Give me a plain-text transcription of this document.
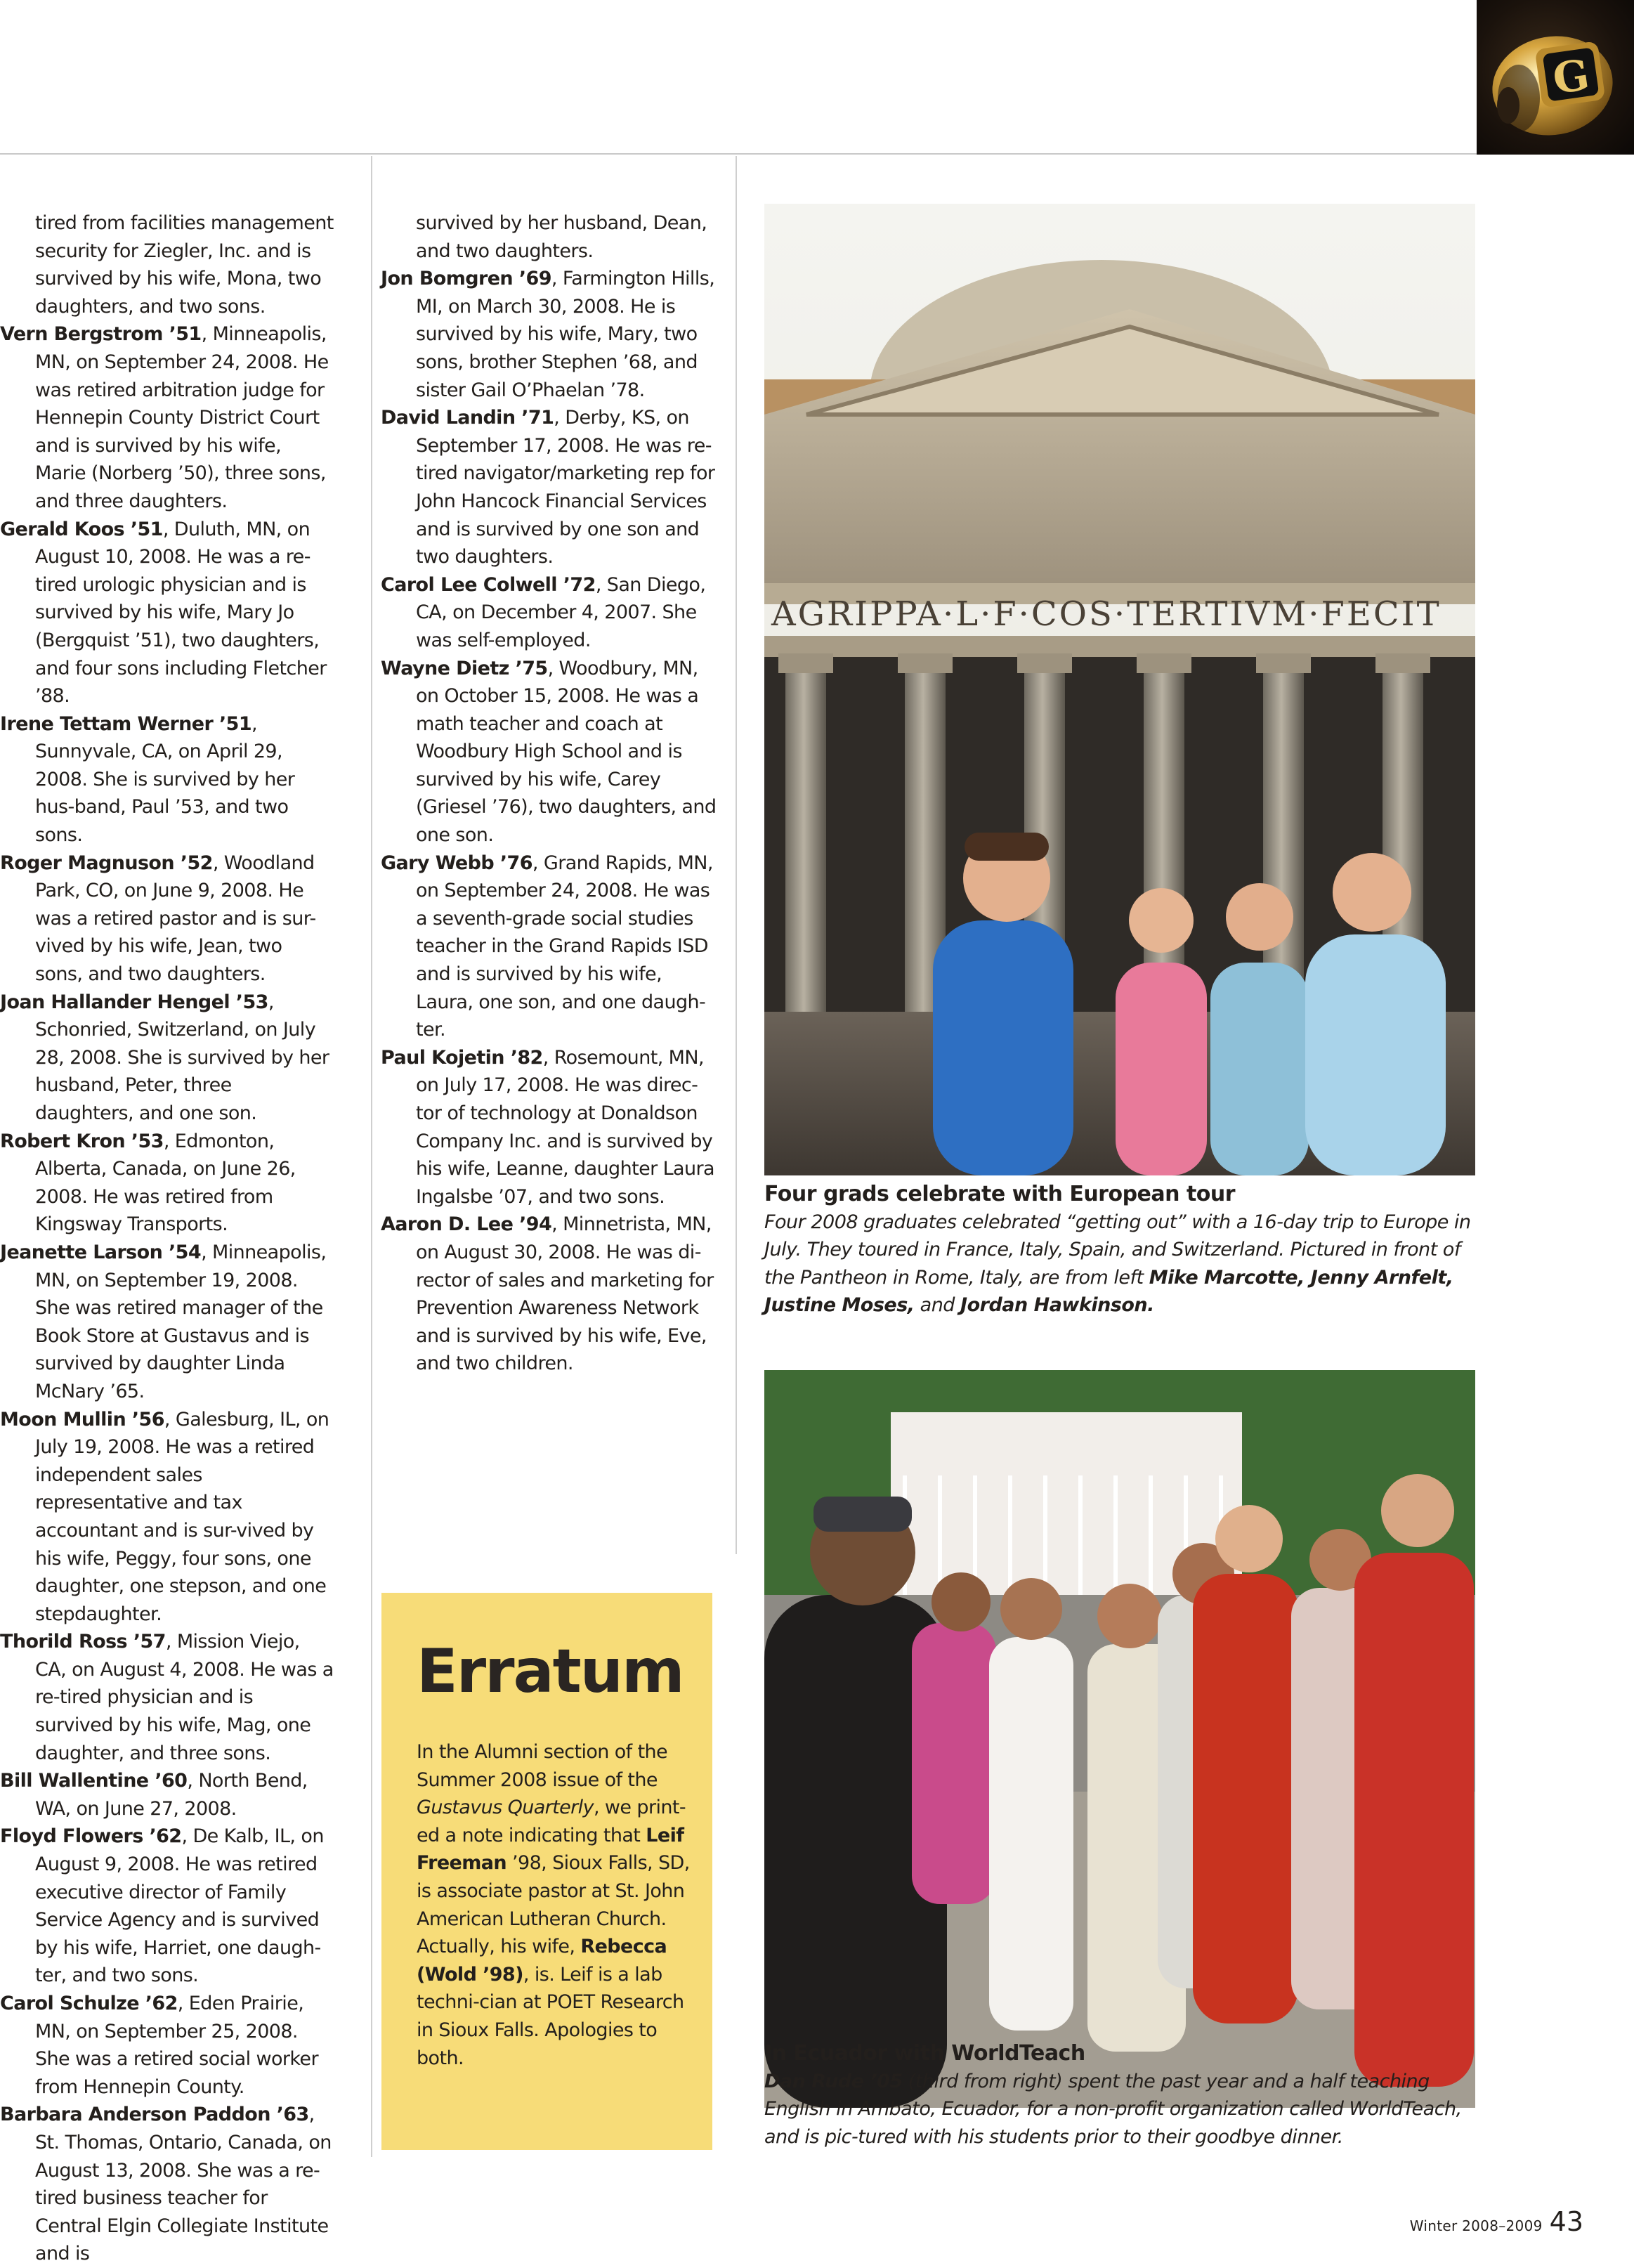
G

tired from facilities management security for Ziegler, Inc. and is survived by his wife, Mona, two daughters, and two sons.

Vern Bergstrom ’51, Minneapolis, MN, on September 24, 2008. He was retired arbitration judge for Hennepin County District Court and is survived by his wife, Marie (Norberg ’50), three sons, and three daughters.

Gerald Koos ’51, Duluth, MN, on August 10, 2008. He was a re-tired urologic physician and is survived by his wife, Mary Jo (Bergquist ’51), two daughters, and four sons including Fletcher ’88.

Irene Tettam Werner ’51, Sunnyvale, CA, on April 29, 2008. She is survived by her hus-band, Paul ’53, and two sons.

Roger Magnuson ’52, Woodland Park, CO, on June 9, 2008. He was a retired pastor and is sur-vived by his wife, Jean, two sons, and two daughters.

Joan Hallander Hengel ’53, Schonried, Switzerland, on July 28, 2008. She is survived by her husband, Peter, three daughters, and one son.

Robert Kron ’53, Edmonton, Alberta, Canada, on June 26, 2008. He was retired from Kingsway Transports.

Jeanette Larson ’54, Minneapolis, MN, on September 19, 2008. She was retired manager of the Book Store at Gustavus and is survived by daughter Linda McNary ’65.

Moon Mullin ’56, Galesburg, IL, on July 19, 2008. He was a retired independent sales representative and tax accountant and is sur-vived by his wife, Peggy, four sons, one daughter, one stepson, and one stepdaughter.

Thorild Ross ’57, Mission Viejo, CA, on August 4, 2008. He was a re-tired physician and is survived by his wife, Mag, one daughter, and three sons.

Bill Wallentine ’60, North Bend, WA, on June 27, 2008.

Floyd Flowers ’62, De Kalb, IL, on August 9, 2008. He was retired executive director of Family Service Agency and is survived by his wife, Harriet, one daugh-ter, and two sons.

Carol Schulze ’62, Eden Prairie, MN, on September 25, 2008. She was a retired social worker from Hennepin County.

Barbara Anderson Paddon ’63, St. Thomas, Ontario, Canada, on August 13, 2008. She was a re-tired business teacher for Central Elgin Collegiate Institute and is

survived by her husband, Dean, and two daughters.

Jon Bomgren ’69, Farmington Hills, MI, on March 30, 2008. He is survived by his wife, Mary, two sons, brother Stephen ’68, and sister Gail O’Phaelan ’78.

David Landin ’71, Derby, KS, on September 17, 2008. He was re-tired navigator/marketing rep for John Hancock Financial Services and is survived by one son and two daughters.

Carol Lee Colwell ’72, San Diego, CA, on December 4, 2007. She was self-employed.

Wayne Dietz ’75, Woodbury, MN, on October 15, 2008. He was a math teacher and coach at Woodbury High School and is survived by his wife, Carey (Griesel ’76), two daughters, and one son.

Gary Webb ’76, Grand Rapids, MN, on September 24, 2008. He was a seventh-grade social studies teacher in the Grand Rapids ISD and is survived by his wife, Laura, one son, and one daugh-ter.

Paul Kojetin ’82, Rosemount, MN, on July 17, 2008. He was direc-tor of technology at Donaldson Company Inc. and is survived by his wife, Leanne, daughter Laura Ingalsbe ’07, and two sons.

Aaron D. Lee ’94, Minnetrista, MN, on August 30, 2008. He was di-rector of sales and marketing for Prevention Awareness Network and is survived by his wife, Eve, and two children.

Erratum
In the Alumni section of the Summer 2008 issue of the Gustavus Quarterly, we print-ed a note indicating that Leif Freeman ’98, Sioux Falls, SD, is associate pastor at St. John American Lutheran Church. Actually, his wife, Rebecca (Wold ’98), is. Leif is a lab techni-cian at POET Research in Sioux Falls. Apologies to both.
AGRIPPA·L·F·COS·TERTIVM·FECIT
Four grads celebrate with European tour
Four 2008 graduates celebrated “getting out” with a 16-day trip to Europe in July. They toured in France, Italy, Spain, and Switzerland. Pictured in front of the Pantheon in Rome, Italy, are from left Mike Marcotte, Jenny Arnfelt, Justine Moses, and Jordan Hawkinson.
In Ecuador with WorldTeach
Dan Rude ’05 (third from right) spent the past year and a half teaching English in Ambato, Ecuador, for a non-profit organization called WorldTeach, and is pic-tured with his students prior to their goodbye dinner.
Winter 2008–2009 43
